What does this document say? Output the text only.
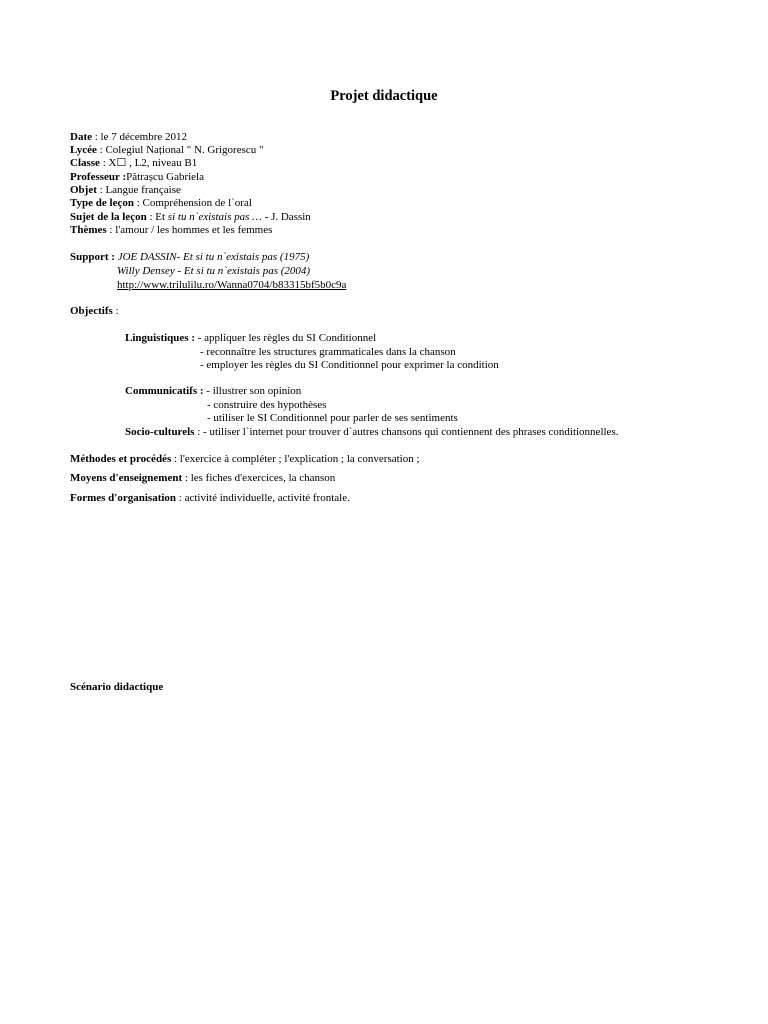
Projet didactique
Date : le 7 décembre 2012
Lycée : Colegiul Național " N. Grigorescu "
Classe : X☐ , L2, niveau B1
Professeur :Pătrașcu Gabriela
Objet : Langue française
Type de leçon : Compréhension de l`oral
Sujet de la leçon : Et si tu n`existais pas … - J. Dassin
Thèmes : l'amour / les hommes et les femmes
Support : JOE DASSIN- Et si tu n`existais pas (1975)
Willy Densey - Et si tu n`existais pas (2004)
http://www.trilulilu.ro/Wanna0704/b83315bf5b0c9a
Objectifs :
Linguistiques : - appliquer les règles du SI Conditionnel
- reconnaître les structures grammaticales dans la chanson
- employer les règles du SI Conditionnel pour exprimer la condition
Communicatifs : - illustrer son opinion
- construire des hypothèses
- utiliser le SI Conditionnel pour parler de ses sentiments
Socio-culturels : - utiliser l`internet pour trouver d`autres chansons qui contiennent des phrases conditionnelles.
Méthodes et procédés : l'exercice à compléter ; l'explication ; la conversation ;
Moyens d'enseignement : les fiches d'exercices, la chanson
Formes d'organisation : activité individuelle, activité frontale.
Scénario didactique
